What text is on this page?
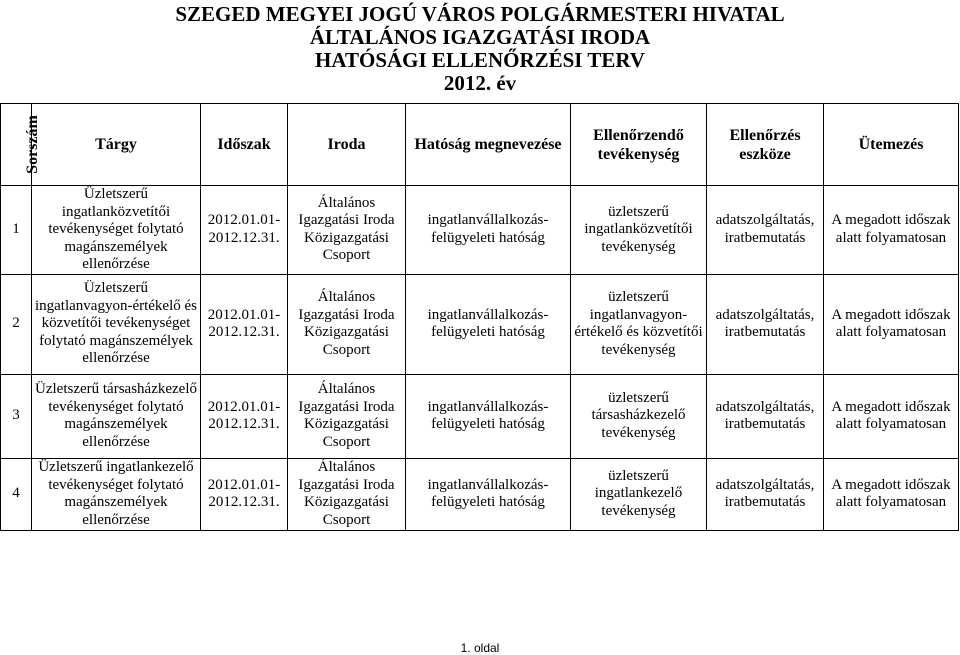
SZEGED MEGYEI JOGÚ VÁROS POLGÁRMESTERI HIVATAL
ÁLTALÁNOS IGAZGATÁSI IRODA
HATÓSÁGI ELLENŐRZÉSI TERV
2012. év
Sorszám	Tárgy	Időszak	Iroda	Hatóság megnevezése	Ellenőrzendő tevékenység	Ellenőrzés eszköze	Ütemezés
1	Üzletszerű ingatlanközvetítői tevékenységet folytató magánszemélyek ellenőrzése	2012.01.01-2012.12.31.	Általános Igazgatási Iroda Közigazgatási Csoport	ingatlanvállalkozás-felügyeleti hatóság	üzletszerű ingatlanközvetítői tevékenység	adatszolgáltatás, iratbemutatás	A megadott időszak alatt folyamatosan
2	Üzletszerű ingatlanvagyon-értékelő és közvetítői tevékenységet folytató magánszemélyek ellenőrzése	2012.01.01-2012.12.31.	Általános Igazgatási Iroda Közigazgatási Csoport	ingatlanvállalkozás-felügyeleti hatóság	üzletszerű ingatlanvagyon-értékelő és közvetítői tevékenység	adatszolgáltatás, iratbemutatás	A megadott időszak alatt folyamatosan
3	Üzletszerű társasházkezelő tevékenységet folytató magánszemélyek ellenőrzése	2012.01.01-2012.12.31.	Általános Igazgatási Iroda Közigazgatási Csoport	ingatlanvállalkozás-felügyeleti hatóság	üzletszerű társasházkezelő tevékenység	adatszolgáltatás, iratbemutatás	A megadott időszak alatt folyamatosan
4	Üzletszerű ingatlankezelő tevékenységet folytató magánszemélyek ellenőrzése	2012.01.01-2012.12.31.	Általános Igazgatási Iroda Közigazgatási Csoport	ingatlanvállalkozás-felügyeleti hatóság	üzletszerű ingatlankezelő tevékenység	adatszolgáltatás, iratbemutatás	A megadott időszak alatt folyamatosan
1. oldal
